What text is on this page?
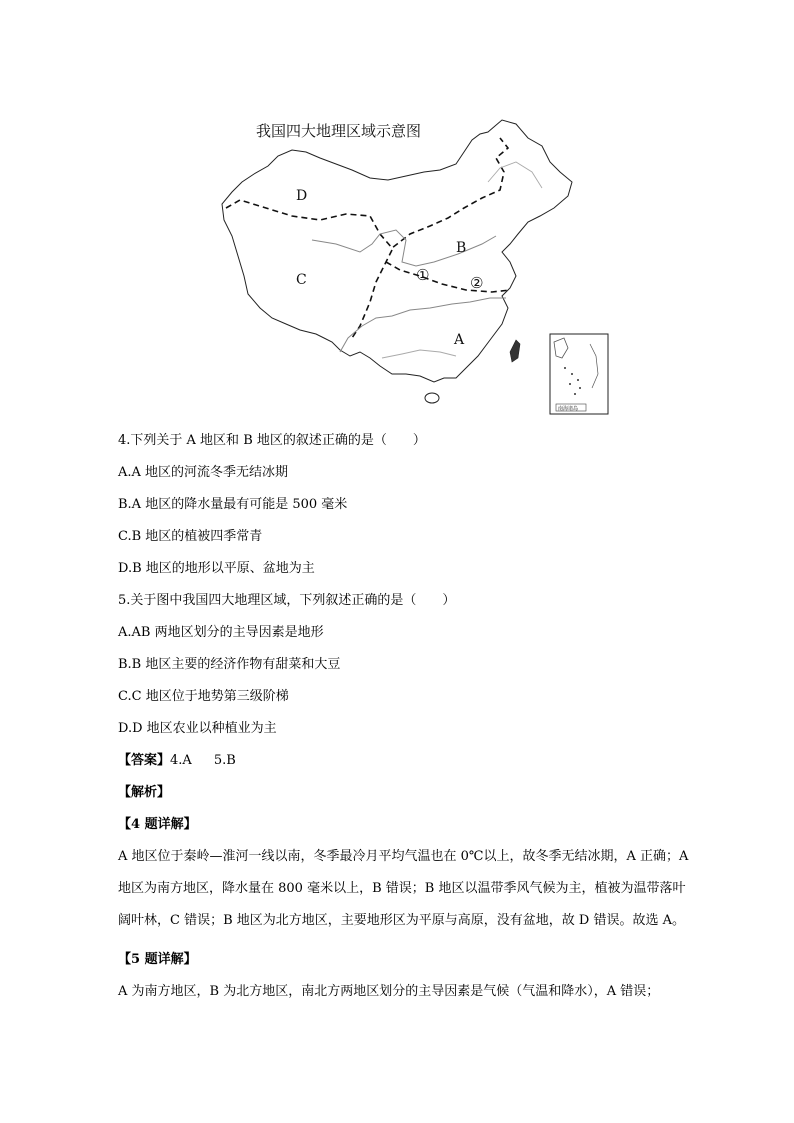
我国四大地理区域示意图
D
B
C
A
①	②
南海诸岛
4.下列关于 A 地区和 B 地区的叙述正确的是（　　）
A.A 地区的河流冬季无结冰期
B.A 地区的降水量最有可能是 500 毫米
C.B 地区的植被四季常青
D.B 地区的地形以平原、盆地为主
5.关于图中我国四大地理区域，下列叙述正确的是（　　）
A.AB 两地区划分的主导因素是地形
B.B 地区主要的经济作物有甜菜和大豆
C.C 地区位于地势第三级阶梯
D.D 地区农业以种植业为主
【答案】4.A 5.B
【解析】
【4 题详解】
A 地区位于秦岭—淮河一线以南，冬季最冷月平均气温也在 0℃以上，故冬季无结冰期，A 正确；A 地区为南方地区，降水量在 800 毫米以上，B 错误；B 地区以温带季风气候为主，植被为温带落叶阔叶林，C 错误；B 地区为北方地区，主要地形区为平原与高原，没有盆地，故 D 错误。故选 A。
【5 题详解】
A 为南方地区，B 为北方地区，南北方两地区划分的主导因素是气候（气温和降水），A 错误；
